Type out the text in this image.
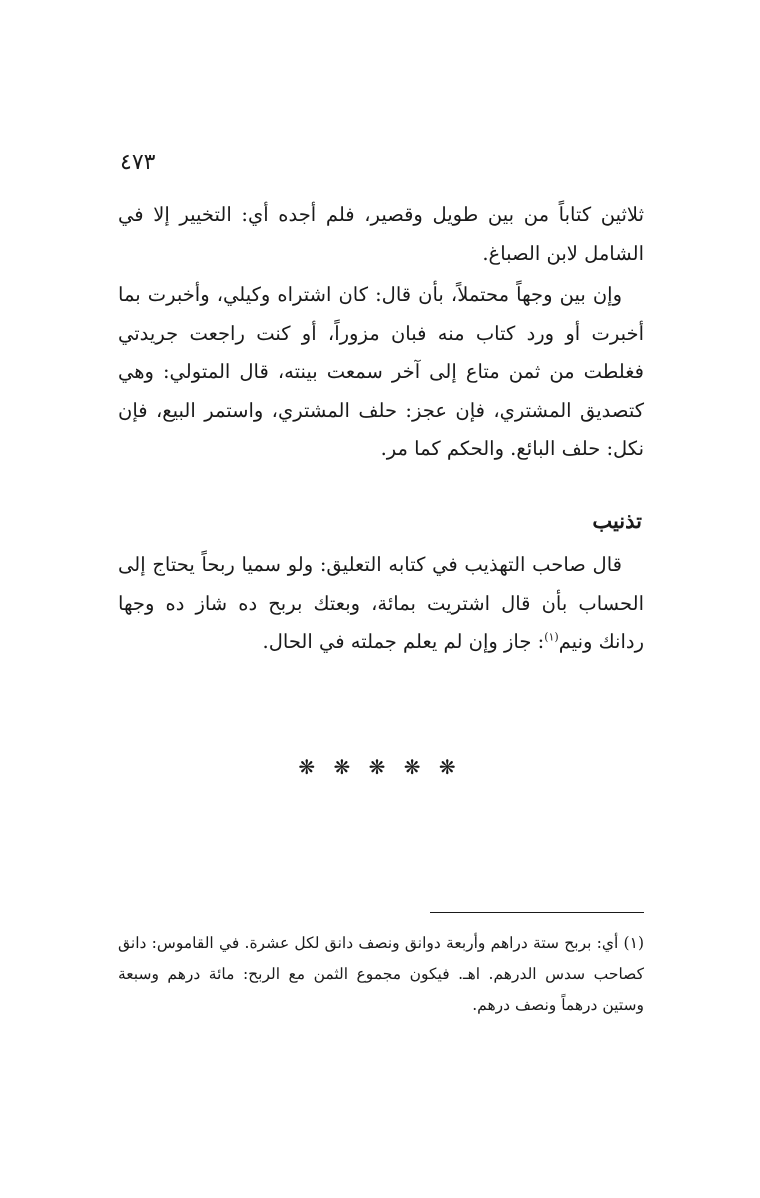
٤٧٣

ثلاثين كتاباً من بين طويل وقصير، فلم أجده أي: التخيير إلا في الشامل لابن الصباغ.

وإن بين وجهاً محتملاً، بأن قال: كان اشتراه وكيلي، وأخبرت بما أخبرت أو ورد كتاب منه فبان مزوراً، أو كنت راجعت جريدتي فغلطت من ثمن متاع إلى آخر سمعت بينته، قال المتولي: وهي كتصديق المشتري، فإن عجز: حلف المشتري، واستمر البيع، فإن نكل: حلف البائع. والحكم كما مر.

تذنيب

قال صاحب التهذيب في كتابه التعليق: ولو سميا ربحاً يحتاج إلى الحساب بأن قال اشتريت بمائة، وبعتك بربح ده شاز ده وجها ردانك ونيم$^{(١)}$: جاز وإن لم يعلم جملته في الحال.

❋ ❋ ❋ ❋ ❋

(١) أي: بربح ستة دراهم وأربعة دوانق ونصف دانق لكل عشرة. في القاموس: دانق كصاحب سدس الدرهم. اهـ. فيكون مجموع الثمن مع الربح: مائة درهم وسبعة وستين درهماً ونصف درهم.
